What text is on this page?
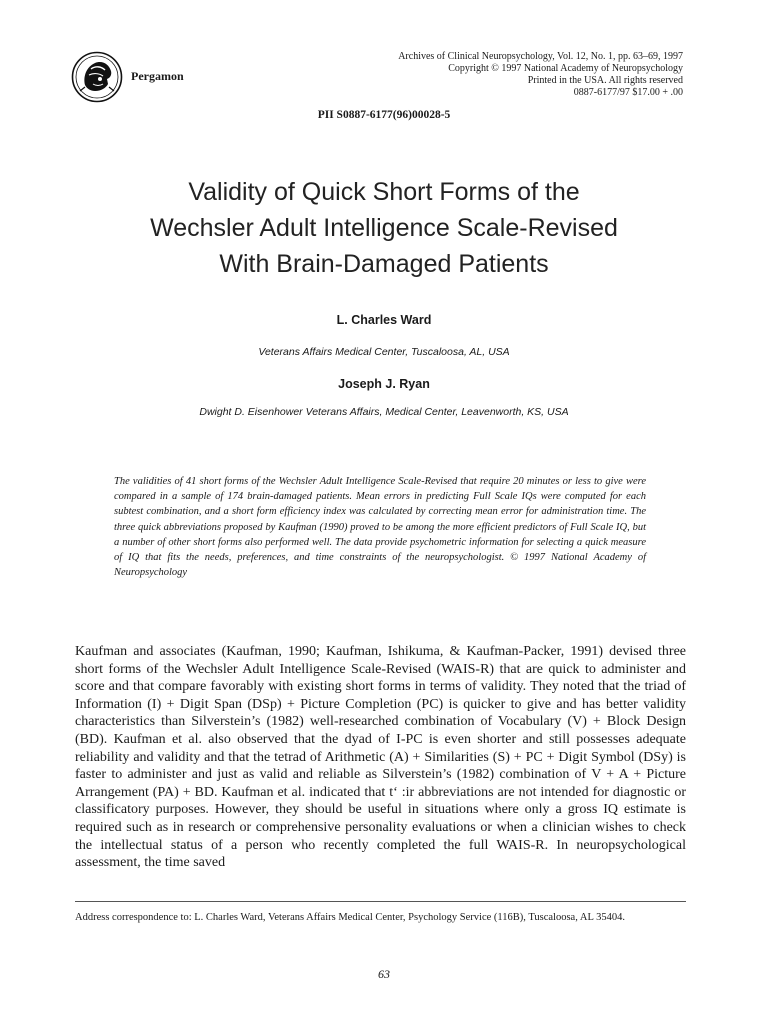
Pergamon
Archives of Clinical Neuropsychology, Vol. 12, No. 1, pp. 63–69, 1997
Copyright © 1997 National Academy of Neuropsychology
Printed in the USA. All rights reserved
0887-6177/97 $17.00 + .00
PII S0887-6177(96)00028-5
Validity of Quick Short Forms of the
Wechsler Adult Intelligence Scale-Revised
With Brain-Damaged Patients
L. Charles Ward
Veterans Affairs Medical Center, Tuscaloosa, AL, USA
Joseph J. Ryan
Dwight D. Eisenhower Veterans Affairs, Medical Center, Leavenworth, KS, USA
The validities of 41 short forms of the Wechsler Adult Intelligence Scale-Revised that require 20 minutes or less to give were compared in a sample of 174 brain-damaged patients. Mean errors in predicting Full Scale IQs were computed for each subtest combination, and a short form efficiency index was calculated by correcting mean error for administration time. The three quick abbreviations proposed by Kaufman (1990) proved to be among the more efficient predictors of Full Scale IQ, but a number of other short forms also performed well. The data provide psychometric information for selecting a quick measure of IQ that fits the needs, preferences, and time constraints of the neuropsychologist. © 1997 National Academy of Neuropsychology

Kaufman and associates (Kaufman, 1990; Kaufman, Ishikuma, & Kaufman-Packer, 1991) devised three short forms of the Wechsler Adult Intelligence Scale-Revised (WAIS-R) that are quick to administer and score and that compare favorably with existing short forms in terms of validity. They noted that the triad of Information (I) + Digit Span (DSp) + Picture Completion (PC) is quicker to give and has better validity characteristics than Silverstein’s (1982) well-researched combination of Vocabulary (V) + Block Design (BD). Kaufman et al. also observed that the dyad of I-PC is even shorter and still possesses adequate reliability and validity and that the tetrad of Arithmetic (A) + Similarities (S) + PC + Digit Symbol (DSy) is faster to administer and just as valid and reliable as Silverstein’s (1982) combination of V + A + Picture Arrangement (PA) + BD. Kaufman et al. indicated that t‘ :ir abbreviations are not intended for diagnostic or classificatory purposes. However, they should be useful in situations where only a gross IQ estimate is required such as in research or comprehensive personality evaluations or when a clinician wishes to check the intellectual status of a person who recently completed the full WAIS-R. In neuropsychological assessment, the time saved

Address correspondence to: L. Charles Ward, Veterans Affairs Medical Center, Psychology Service (116B), Tuscaloosa, AL 35404.
63
